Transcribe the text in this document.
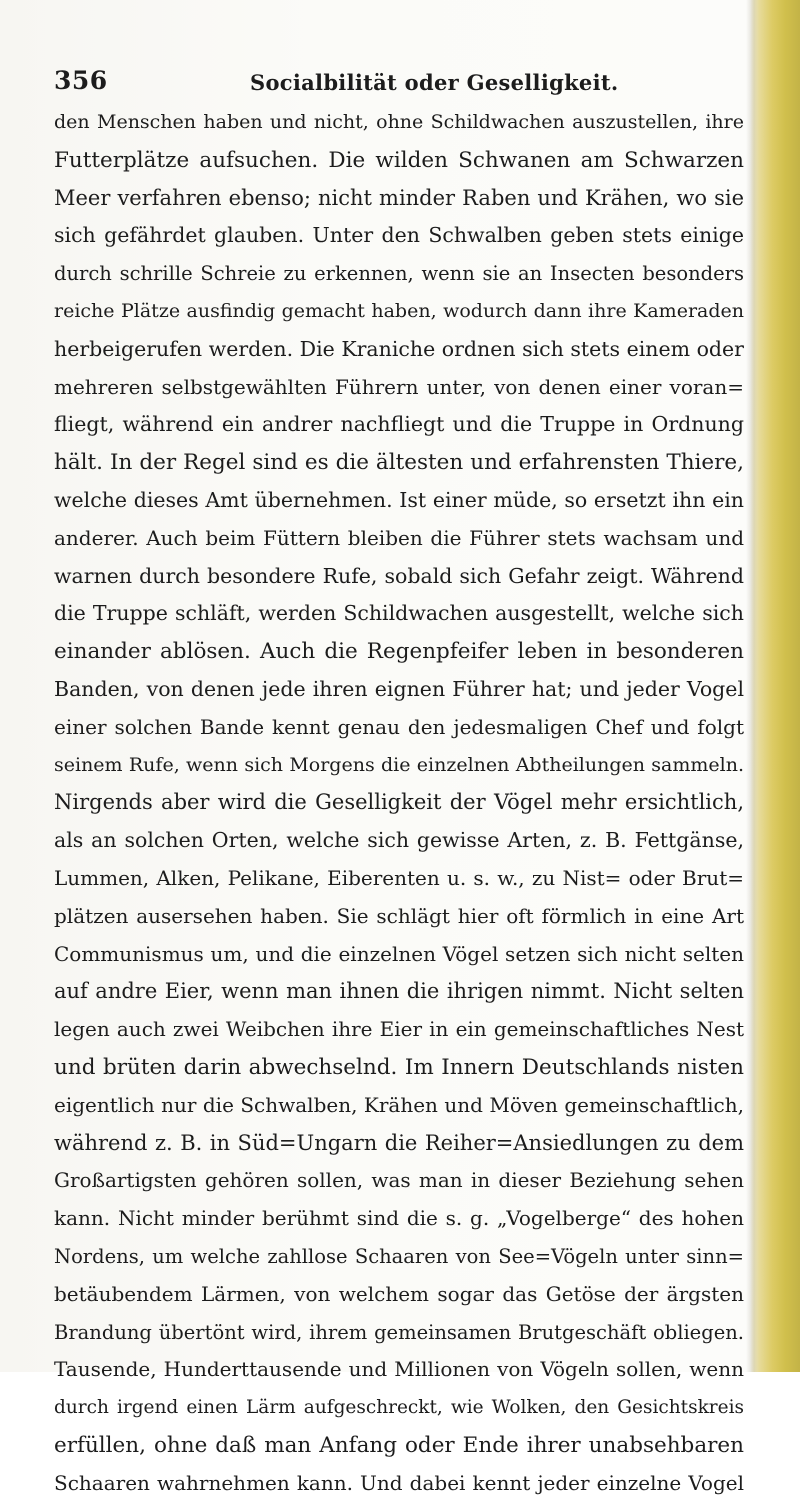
356	Socialbilität oder Geselligkeit.
den Menschen haben und nicht, ohne Schildwachen auszustellen, ihre
Futterplätze aufsuchen. Die wilden Schwanen am Schwarzen
Meer verfahren ebenso; nicht minder Raben und Krähen, wo sie
sich gefährdet glauben. Unter den Schwalben geben stets einige
durch schrille Schreie zu erkennen, wenn sie an Insecten besonders
reiche Plätze ausfindig gemacht haben, wodurch dann ihre Kameraden
herbeigerufen werden. Die Kraniche ordnen sich stets einem oder
mehreren selbstgewählten Führern unter, von denen einer voran=
fliegt, während ein andrer nachfliegt und die Truppe in Ordnung
hält. In der Regel sind es die ältesten und erfahrensten Thiere,
welche dieses Amt übernehmen. Ist einer müde, so ersetzt ihn ein
anderer. Auch beim Füttern bleiben die Führer stets wachsam und
warnen durch besondere Rufe, sobald sich Gefahr zeigt. Während
die Truppe schläft, werden Schildwachen ausgestellt, welche sich
einander ablösen. Auch die Regenpfeifer leben in besonderen
Banden, von denen jede ihren eignen Führer hat; und jeder Vogel
einer solchen Bande kennt genau den jedesmaligen Chef und folgt
seinem Rufe, wenn sich Morgens die einzelnen Abtheilungen sammeln.
Nirgends aber wird die Geselligkeit der Vögel mehr ersichtlich,
als an solchen Orten, welche sich gewisse Arten, z. B. Fettgänse,
Lummen, Alken, Pelikane, Eiberenten u. s. w., zu Nist= oder Brut=
plätzen ausersehen haben. Sie schlägt hier oft förmlich in eine Art
Communismus um, und die einzelnen Vögel setzen sich nicht selten
auf andre Eier, wenn man ihnen die ihrigen nimmt. Nicht selten
legen auch zwei Weibchen ihre Eier in ein gemeinschaftliches Nest
und brüten darin abwechselnd. Im Innern Deutschlands nisten
eigentlich nur die Schwalben, Krähen und Möven gemeinschaftlich,
während z. B. in Süd=Ungarn die Reiher=Ansiedlungen zu dem
Großartigsten gehören sollen, was man in dieser Beziehung sehen
kann. Nicht minder berühmt sind die s. g. „Vogelberge“ des hohen
Nordens, um welche zahllose Schaaren von See=Vögeln unter sinn=
betäubendem Lärmen, von welchem sogar das Getöse der ärgsten
Brandung übertönt wird, ihrem gemeinsamen Brutgeschäft obliegen.
Tausende, Hunderttausende und Millionen von Vögeln sollen, wenn
durch irgend einen Lärm aufgeschreckt, wie Wolken, den Gesichtskreis
erfüllen, ohne daß man Anfang oder Ende ihrer unabsehbaren
Schaaren wahrnehmen kann. Und dabei kennt jeder einzelne Vogel
